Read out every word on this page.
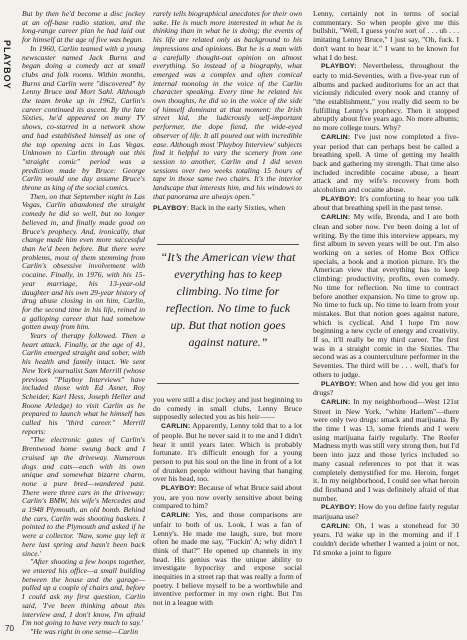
PLAYBOY

But by then he'd become a disc jockey at an off-base radio station, and the long-range career plan he had laid out for himself at the age of five was begun.

In 1960, Carlin teamed with a young newscaster named Jack Burns and began doing a comedy act at small clubs and folk rooms. Within months, Burns and Carlin were "discovered" by Lenny Bruce and Mort Sahl. Although the team broke up in 1962, Carlin's career continued its ascent. By the late Sixties, he'd appeared on many TV shows, co-starred in a network show and had established himself as one of the top opening acts in Las Vegas. Unknown to Carlin through out this "straight comic" period was a prediction made by Bruce: George Carlin would one day assume Bruce's throne as king of the social comics.

Then, on that September night in Las Vegas, Carlin abandoned the straight comedy he did so well, but no longer believed in, and finally made good on Bruce's prophecy. And, ironically, that change made him even more successful than he'd been before. But there were problems, most of them stemming from Carlin's obsessive involvement with cocaine. Finally, in 1976, with his 15-year marriage, his 13-year-old daughter and his own 29-year history of drug abuse closing in on him, Carlin, for the second time in his life, reined in a galloping career that had somehow gotten away from him.

Years of therapy followed. Then a heart attack. Finally, at the age of 41, Carlin emerged straight and sober, with his health and family intact. We sent New York journalist Sam Merrill (whose previous "Playboy Interviews" have included those with Ed Asner, Roy Scheider, Karl Hess, Joseph Heller and Roone Arledge) to visit Carlin as he prepared to launch what he himself has called his "third career." Merrill reports:

"The electronic gates of Carlin's Brentwood home swung back and I cruised up the driveway. Numerous dogs and cats—each with its own unique and somewhat bizarre charm, none a pure bred—wandered past. There were three cars in the driveway: Carlin's BMW, his wife's Mercedes and a 1948 Plymouth, an old bomb. Behind the cars, Carlin was shooting baskets. I pointed to the Plymouth and asked if he were a collector. 'Naw, some guy left it here last spring and hasn't been back since.'

"After shooting a few hoops together, we entered his office—a small building between the house and the garage—pulled up a couple of chairs and, before I could ask my first question, Carlin said, 'I've been thinking about this interview and, I don't know, I'm afraid I'm not going to have very much to say.'

"He was right in one sense—Carlin

rarely tells biographical anecdotes for their own sake. He is much more interested in what he is thinking than in what he is doing; the events of his life are related only as background to his impressions and opinions. But he is a man with a carefully thought-out opinion on almost everything. So instead of a biography, what emerged was a complex and often comical internal monolog in the voice of the Carlin character speaking. Every time he related his own thoughts, he did so in the voice of the side of himself dominant at that moment: the Irish street kid, the ludicrously self-important performer, the dope fiend, the wide-eyed observer of life. It all poured out with incredible ease. Although most 'Playboy Interview' subjects find it helpful to vary the scenery from one session to another, Carlin and I did seven sessions over two weeks totaling 15 hours of tape in those same two chairs. It's the interior landscape that interests him, and his windows to that panorama are always open."

PLAYBOY: Back in the early Sixties, when

“It’s the American view that everything has to keep climbing. No time for reflection. No time to fuck up. But that notion goes against nature.”

you were still a disc jockey and just beginning to do comedy in small clubs, Lenny Bruce supposedly selected you as his heir——

CARLIN: Apparently, Lenny told that to a lot of people. But he never said it to me and I didn't hear it until years later. Which is probably fortunate. It's difficult enough for a young person to put his soul on the line in front of a lot of drunken people without having that hanging over his head, too.

PLAYBOY: Because of what Bruce said about you, are you now overly sensitive about being compared to him?

CARLIN: Yes, and those comparisons are unfair to both of us. Look, I was a fan of Lenny's. He made me laugh, sure, but more often he made me say, "Fuckin' A; why didn't I think of that?" He opened up channels in my head. His genius was the unique ability to investigate hypocrisy and expose social inequities in a street rap that was really a form of poetry. I believe myself to be a worthwhile and inventive performer in my own right. But I'm not in a league with

Lenny, certainly not in terms of social commentary. So when people give me this bullshit, "Well, I guess you're sort of . . . uh . . . imitating Lenny Bruce," I just say, "Oh, fuck. I don't want to hear it." I want to be known for what I do best.

PLAYBOY: Nevertheless, throughout the early to mid-Seventies, with a five-year run of albums and packed auditoriums for an act that viciously ridiculed every nook and cranny of "the establishment," you really did seem to be fulfilling Lenny's prophecy. Then it stopped abruptly about five years ago. No more albums; no more college tours. Why?

CARLIN: I've just now completed a five-year period that can perhaps best be called a breathing spell. A time of getting my health back and gathering my strength. That time also included incredible cocaine abuse, a heart attack and my wife's recovery from both alcoholism and cocaine abuse.

PLAYBOY: It's comforting to hear you talk about that breathing spell in the past tense.

CARLIN: My wife, Brenda, and I are both clean and sober now. I've been doing a lot of writing. By the time this interview appears, my first album in seven years will be out. I'm also working on a series of Home Box Office specials, a book and a motion picture. It's the American view that everything has to keep climbing: productivity, profits, even comedy. No time for reflection. No time to contract before another expansion. No time to grow up. No time to fuck up. No time to learn from your mistakes. But that notion goes against nature, which is cyclical. And I hope I'm now beginning a new cycle of energy and creativity. If so, it'll really be my third career. The first was in a straight comic in the Sixties. The second was as a counterculture performer in the Seventies. The third will be . . . well, that's for others to judge.

PLAYBOY: When and how did you get into drugs?

CARLIN: In my neighborhood—West 121st Street in New York, "white Harlem"—there were only two drugs: smack and marijuana. By the time I was 13, some friends and I were using marijuana fairly regularly. The Reefer Madness myth was still very strong then, but I'd been into jazz and those lyrics included so many casual references to pot that it was completely demystified for me. Heroin, forget it. In my neighborhood, I could see what heroin did firsthand and I was definitely afraid of that number.

PLAYBOY: How do you define fairly regular marijuana use?

CARLIN: Oh, I was a stonehead for 30 years. I'd wake up in the morning and if I couldn't decide whether I wanted a joint or not, I'd smoke a joint to figure

70
